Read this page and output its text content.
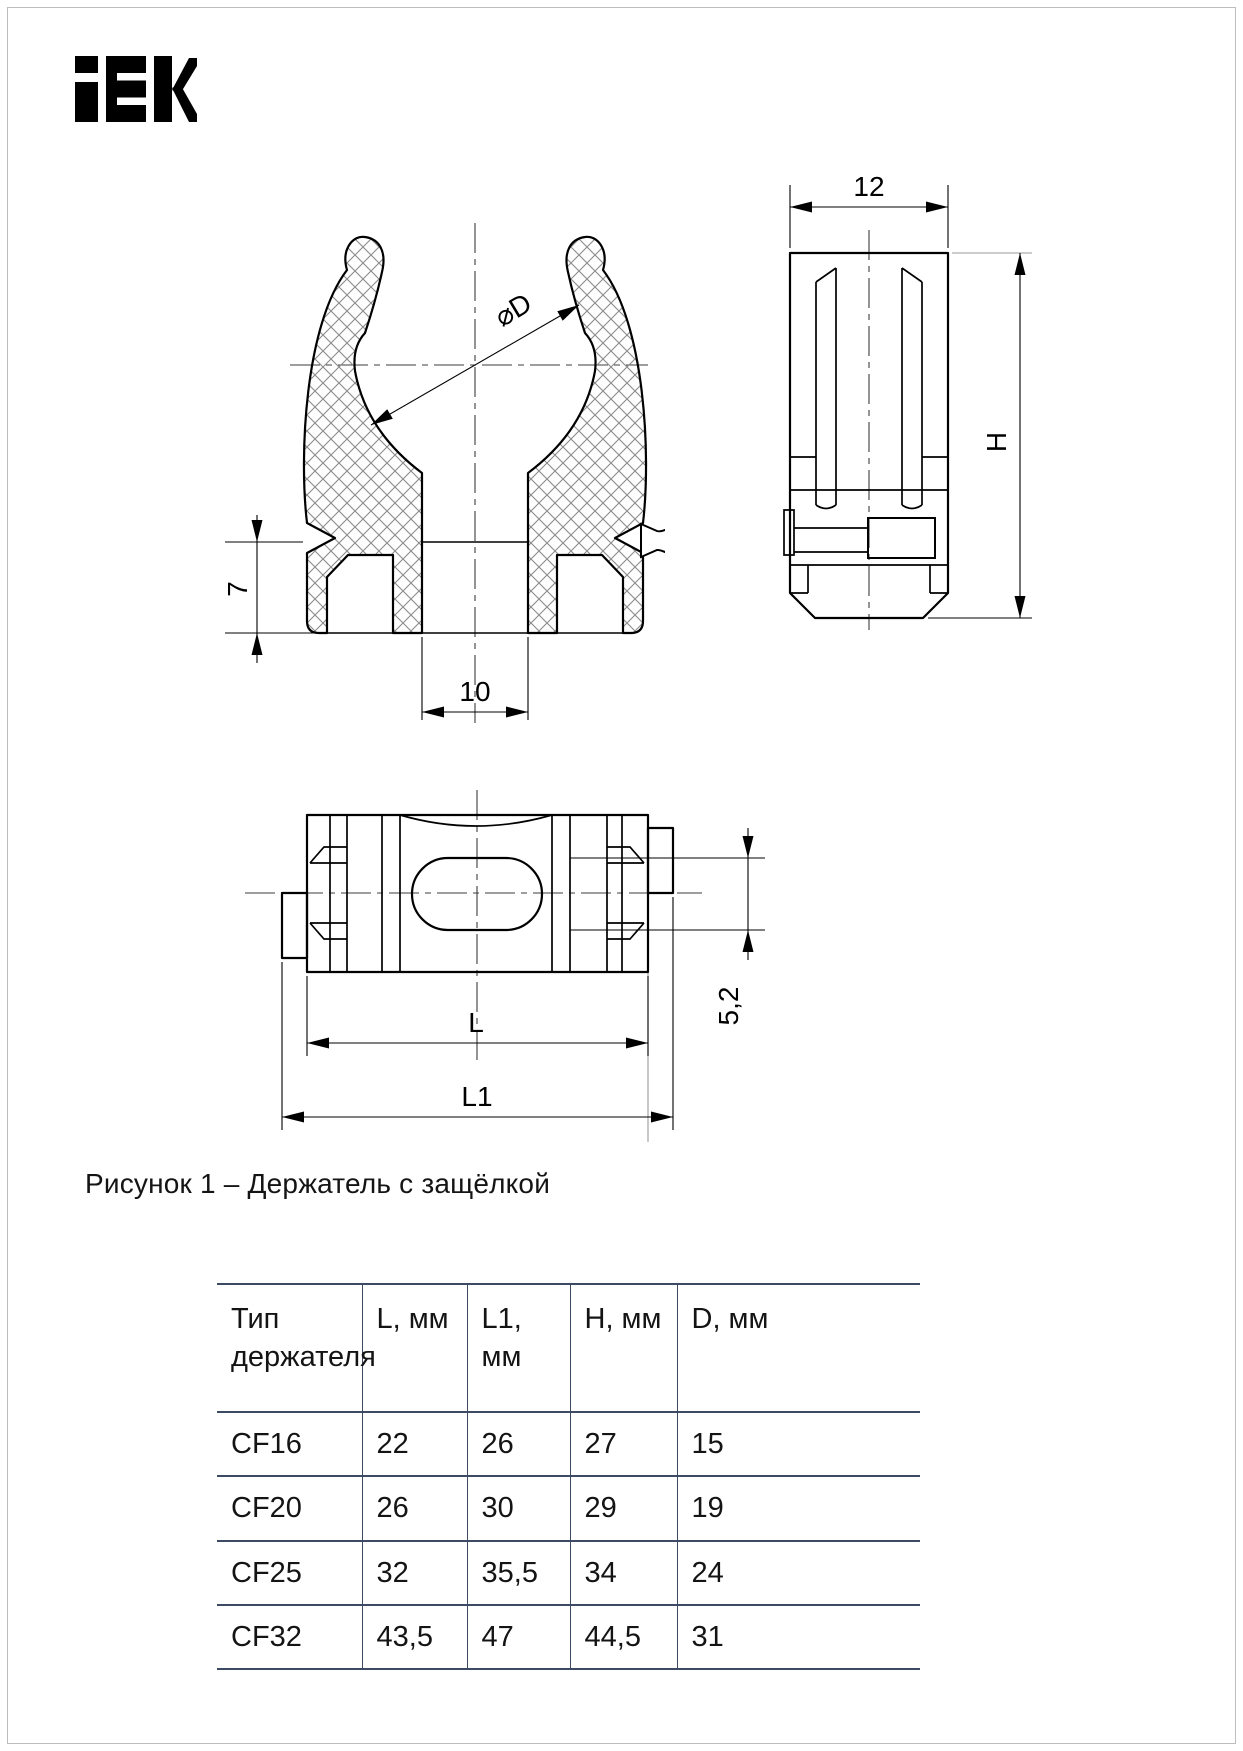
⌀D
7
10
12
H
5,2
L
L1
Рисунок 1 – Держатель с защёлкой
Тип держателя	L, мм	L1, мм	H, мм	D, мм
CF16	22	26	27	15
CF20	26	30	29	19
CF25	32	35,5	34	24
CF32	43,5	47	44,5	31
